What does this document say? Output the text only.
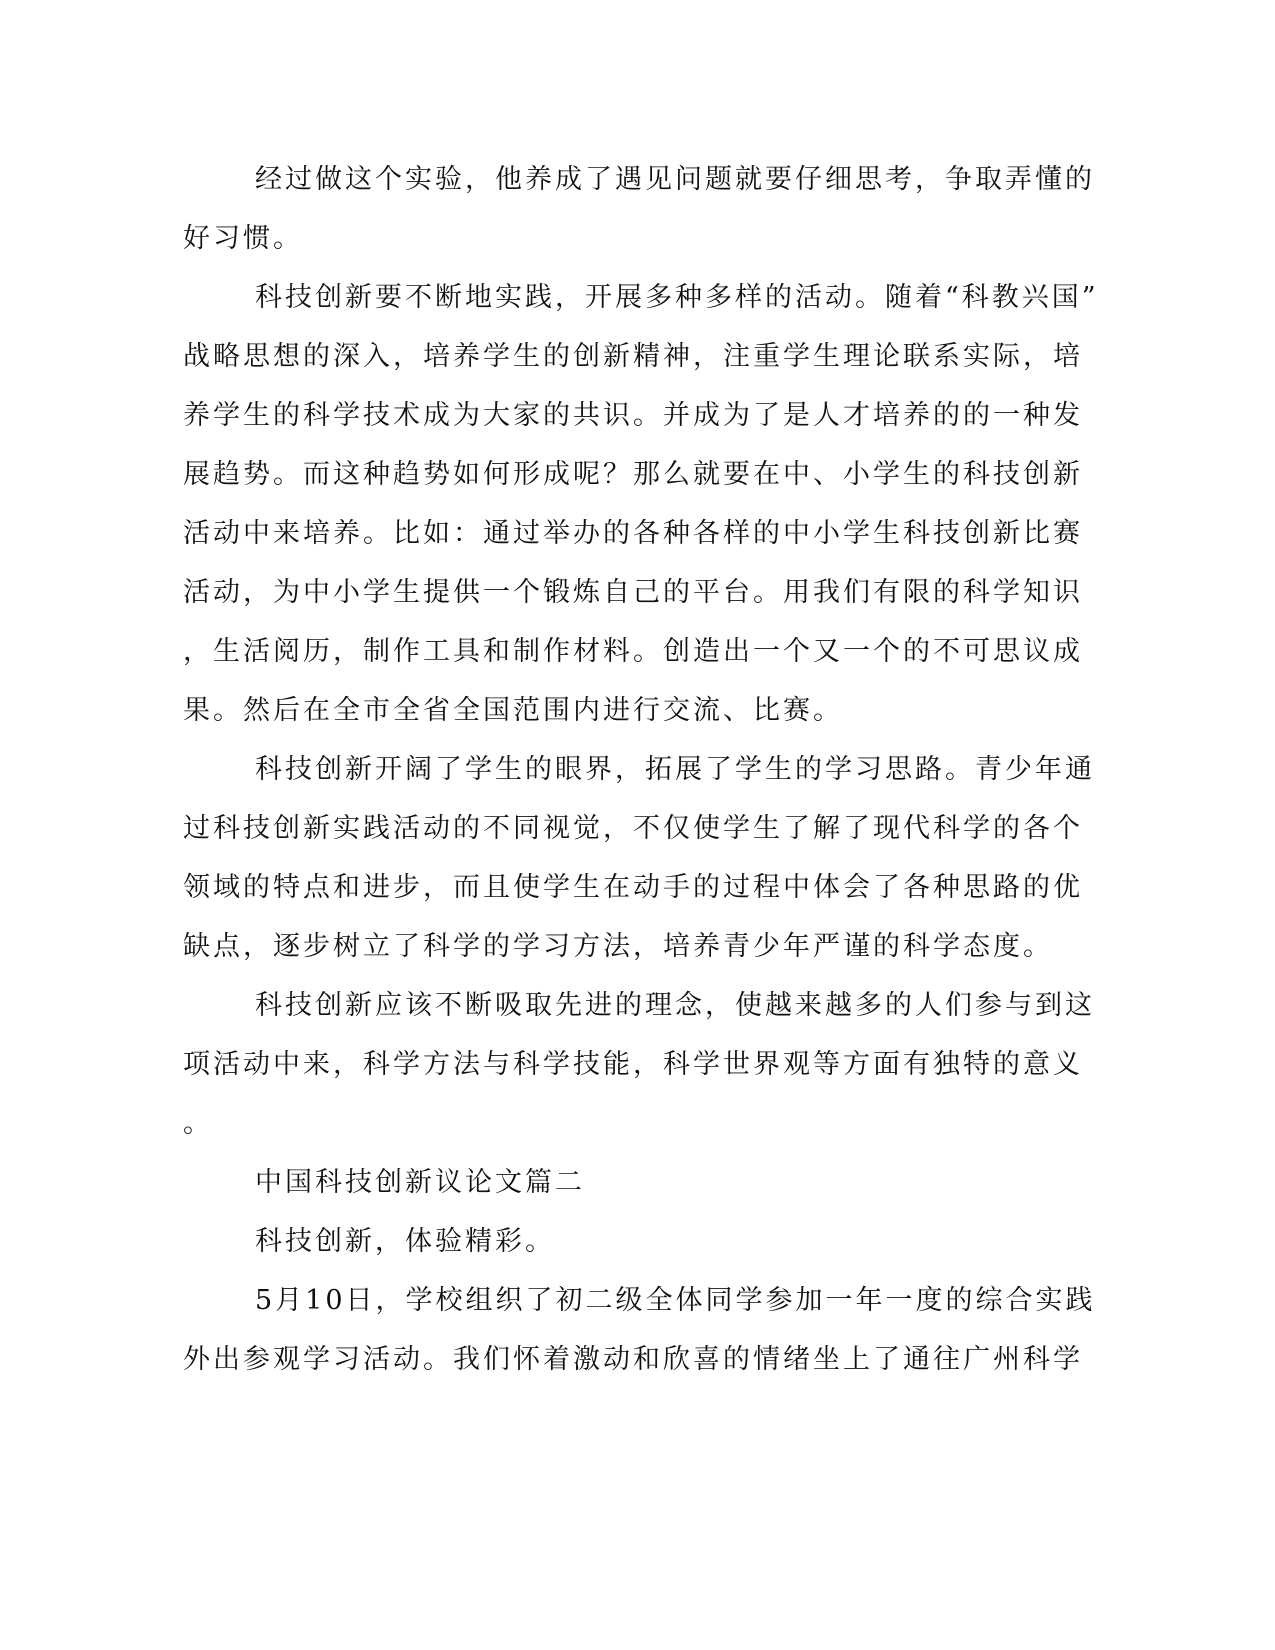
经过做这个实验，他养成了遇见问题就要仔细思考，争取弄懂的
好习惯。
科技创新要不断地实践，开展多种多样的活动。随着“科教兴国”
战略思想的深入，培养学生的创新精神，注重学生理论联系实际，培
养学生的科学技术成为大家的共识。并成为了是人才培养的的一种发
展趋势。而这种趋势如何形成呢？那么就要在中、小学生的科技创新
活动中来培养。比如：通过举办的各种各样的中小学生科技创新比赛
活动，为中小学生提供一个锻炼自己的平台。用我们有限的科学知识
，生活阅历，制作工具和制作材料。创造出一个又一个的不可思议成
果。然后在全市全省全国范围内进行交流、比赛。
科技创新开阔了学生的眼界，拓展了学生的学习思路。青少年通
过科技创新实践活动的不同视觉，不仅使学生了解了现代科学的各个
领域的特点和进步，而且使学生在动手的过程中体会了各种思路的优
缺点，逐步树立了科学的学习方法，培养青少年严谨的科学态度。
科技创新应该不断吸取先进的理念，使越来越多的人们参与到这
项活动中来，科学方法与科学技能，科学世界观等方面有独特的意义
。
中国科技创新议论文篇二
科技创新，体验精彩。
5月10日，学校组织了初二级全体同学参加一年一度的综合实践
外出参观学习活动。我们怀着激动和欣喜的情绪坐上了通往广州科学
